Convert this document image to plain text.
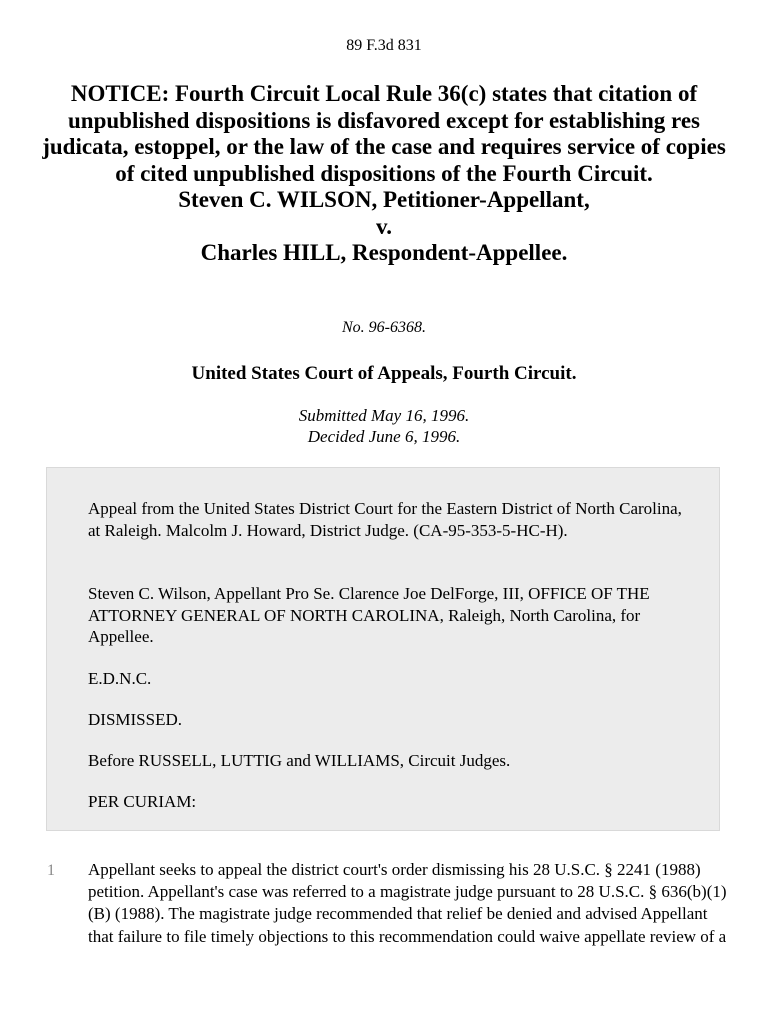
89 F.3d 831
NOTICE: Fourth Circuit Local Rule 36(c) states that citation of unpublished dispositions is disfavored except for establishing res judicata, estoppel, or the law of the case and requires service of copies of cited unpublished dispositions of the Fourth Circuit.
Steven C. WILSON, Petitioner-Appellant,
v.
Charles HILL, Respondent-Appellee.
No. 96-6368.
United States Court of Appeals, Fourth Circuit.
Submitted May 16, 1996.
Decided June 6, 1996.

Appeal from the United States District Court for the Eastern District of North Carolina, at Raleigh. Malcolm J. Howard, District Judge. (CA-95-353-5-HC-H).

Steven C. Wilson, Appellant Pro Se. Clarence Joe DelForge, III, OFFICE OF THE ATTORNEY GENERAL OF NORTH CAROLINA, Raleigh, North Carolina, for Appellee.

E.D.N.C.

DISMISSED.

Before RUSSELL, LUTTIG and WILLIAMS, Circuit Judges.

PER CURIAM:

1 Appellant seeks to appeal the district court's order dismissing his 28 U.S.C. § 2241 (1988) petition. Appellant's case was referred to a magistrate judge pursuant to 28 U.S.C. § 636(b)(1)(B) (1988). The magistrate judge recommended that relief be denied and advised Appellant that failure to file timely objections to this recommendation could waive appellate review of a
